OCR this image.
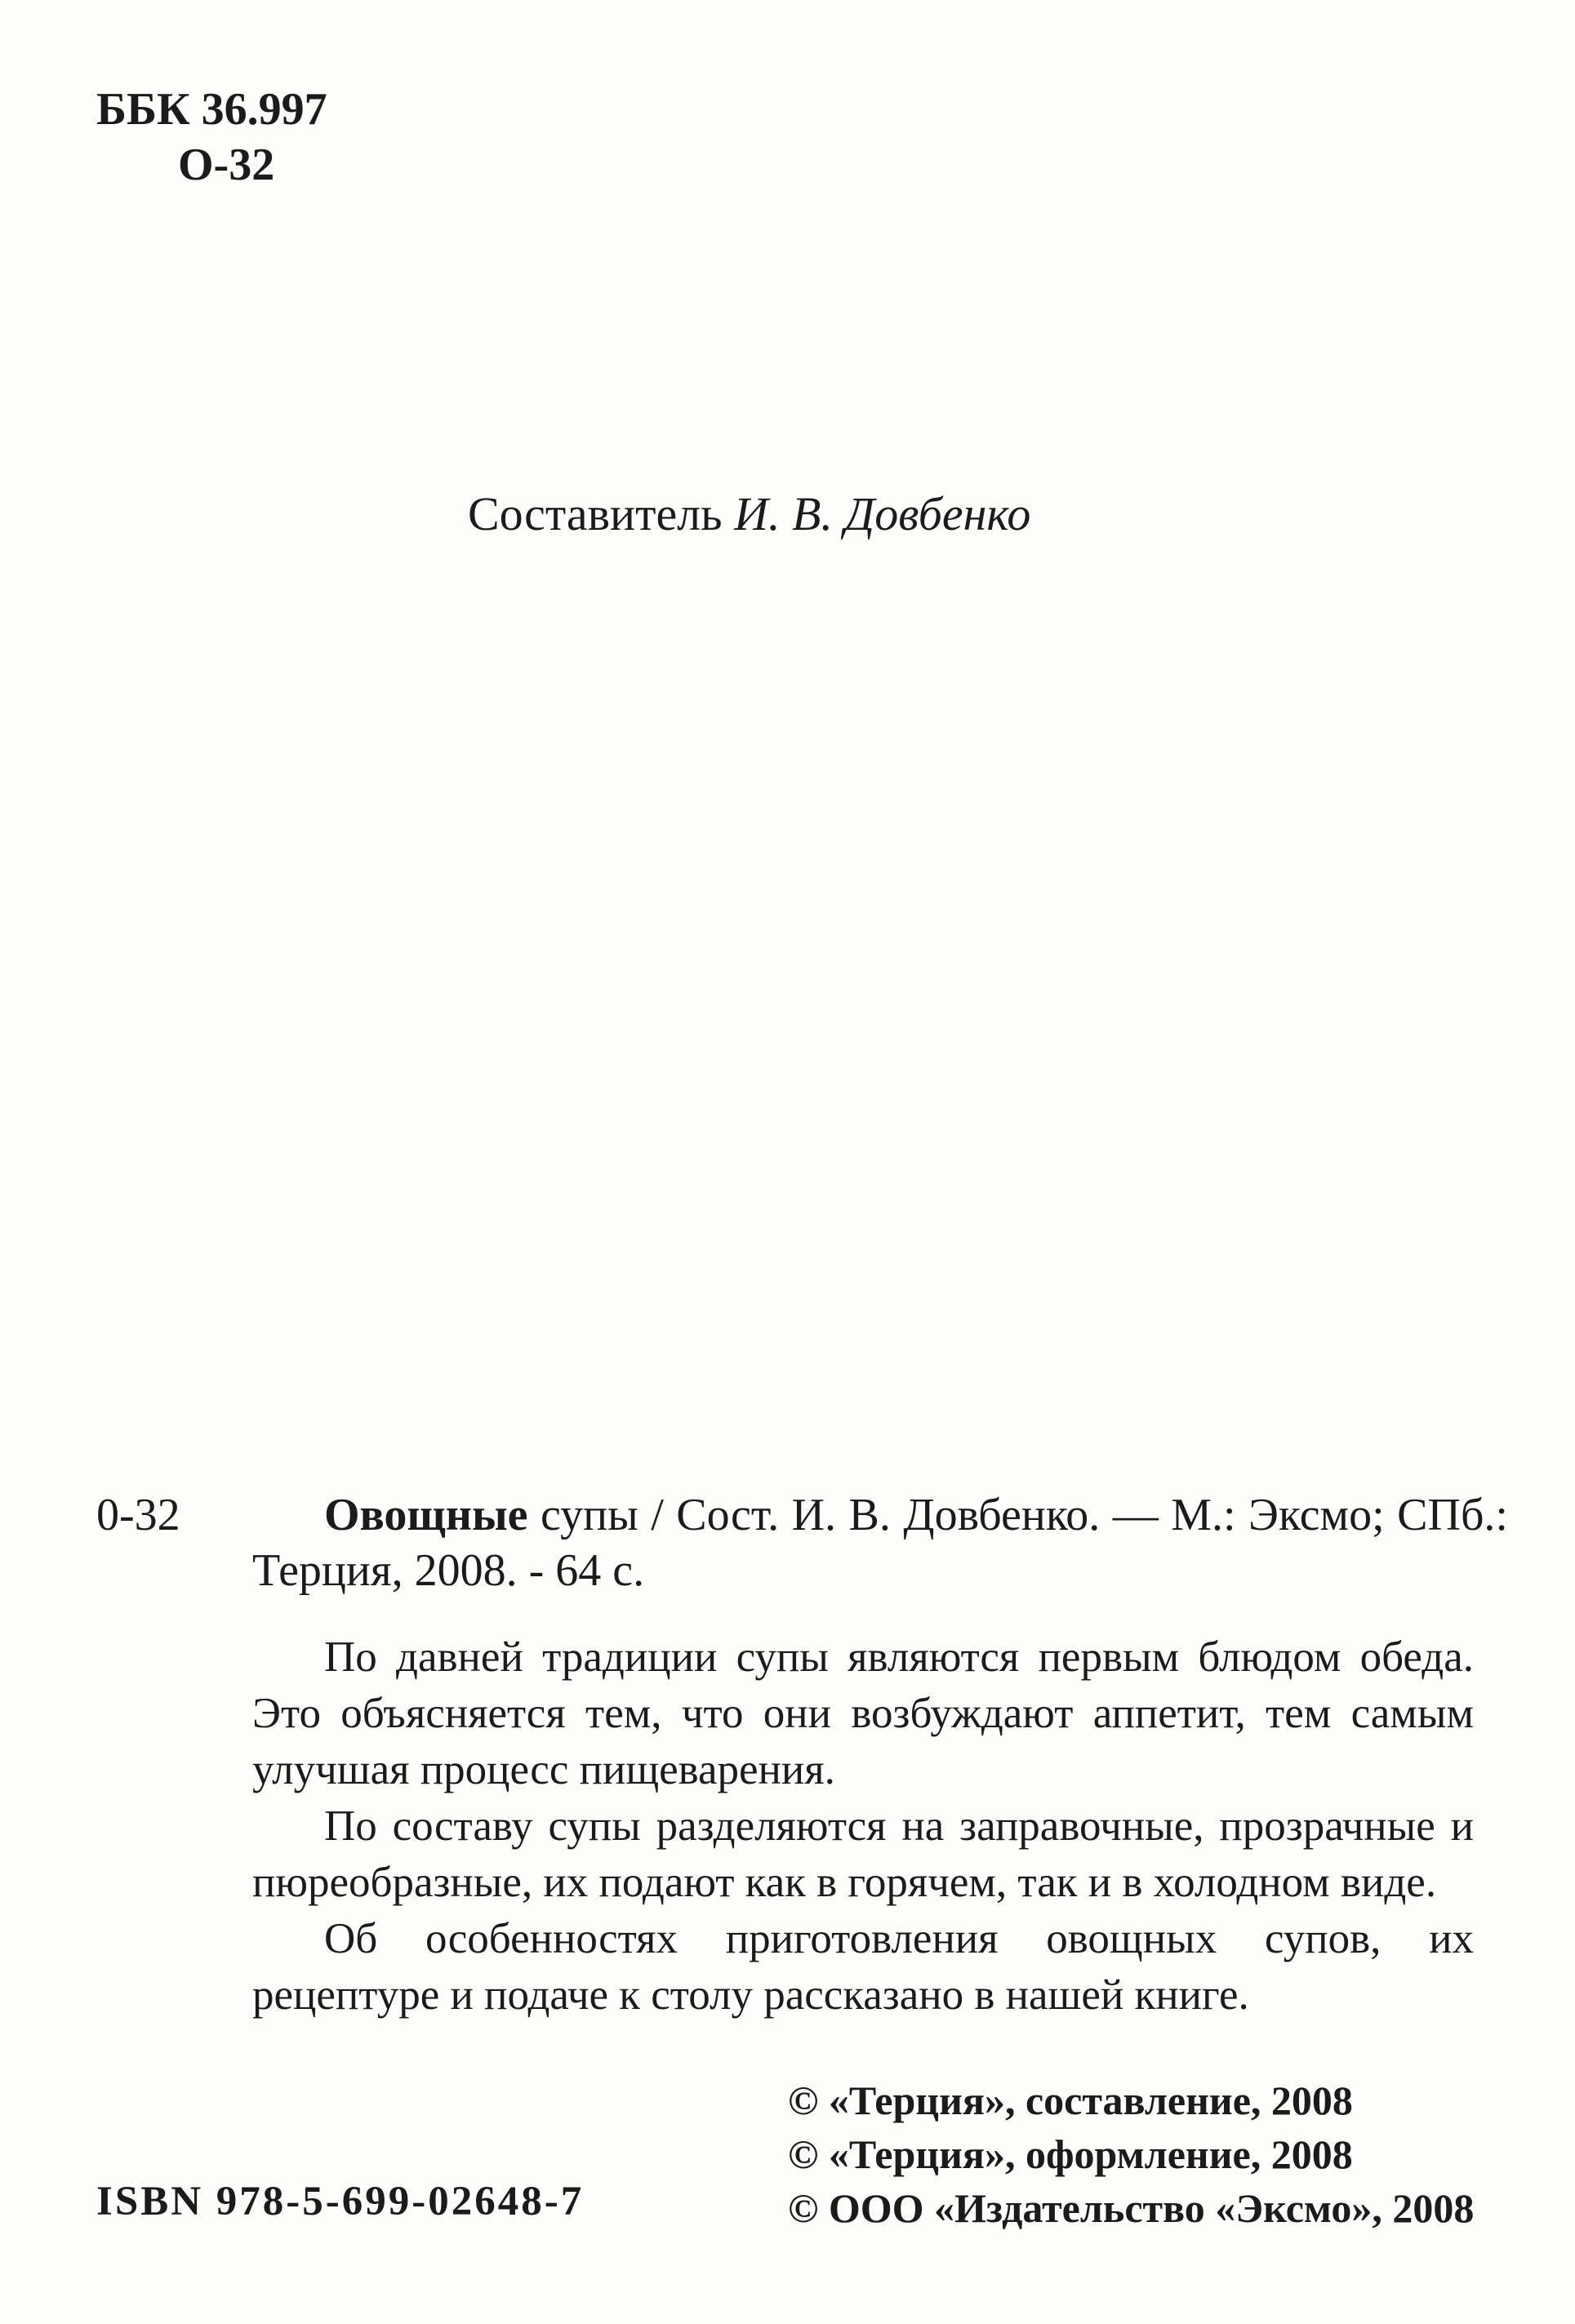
ББК 36.997
О-32
Составитель И. В. Довбенко
0-32	Овощные супы / Сост. И. В. Довбенко. — М.: Эксмо; СПб.: Терция, 2008. - 64 с.

По давней традиции супы являются первым блюдом обеда. Это объясняется тем, что они возбуждают аппетит, тем самым улучшая процесс пищеварения.

По составу супы разделяются на заправочные, прозрачные и пюреобразные, их подают как в горячем, так и в холодном виде.

Об особенностях приготовления овощных супов, их рецептуре и подаче к столу рассказано в нашей книге.

© «Терция», составление, 2008
© «Терция», оформление, 2008
© ООО «Издательство «Эксмо», 2008
ISBN 978-5-699-02648-7
